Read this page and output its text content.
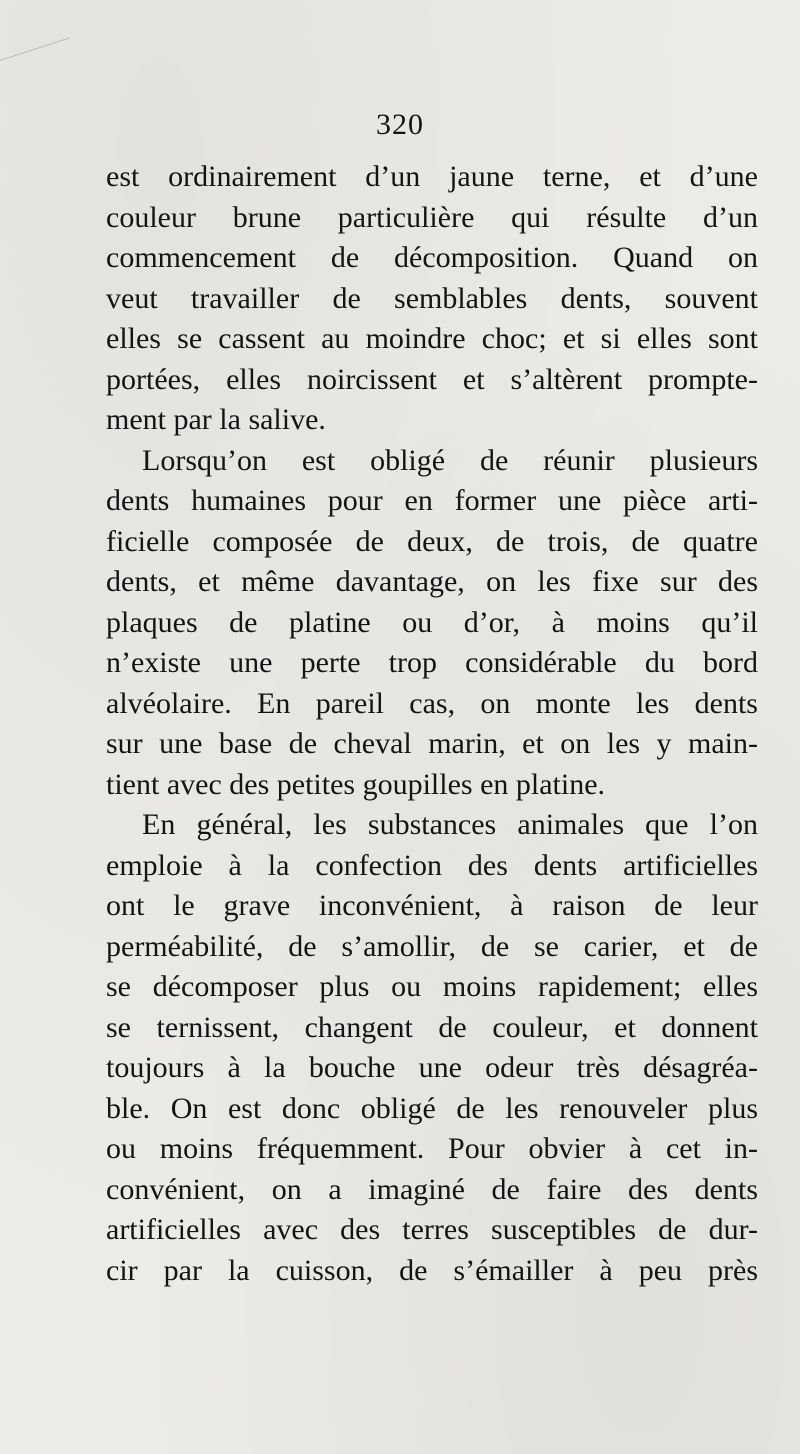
320
est ordinairement d’un jaune terne, et d’une
couleur brune particulière qui résulte d’un
commencement de décomposition. Quand on
veut travailler de semblables dents, souvent
elles se cassent au moindre choc; et si elles sont
portées, elles noircissent et s’altèrent prompte-
ment par la salive.
Lorsqu’on est obligé de réunir plusieurs
dents humaines pour en former une pièce arti-
ficielle composée de deux, de trois, de quatre
dents, et même davantage, on les fixe sur des
plaques de platine ou d’or, à moins qu’il
n’existe une perte trop considérable du bord
alvéolaire. En pareil cas, on monte les dents
sur une base de cheval marin, et on les y main-
tient avec des petites goupilles en platine.
En général, les substances animales que l’on
emploie à la confection des dents artificielles
ont le grave inconvénient, à raison de leur
perméabilité, de s’amollir, de se carier, et de
se décomposer plus ou moins rapidement; elles
se ternissent, changent de couleur, et donnent
toujours à la bouche une odeur très désagréa-
ble. On est donc obligé de les renouveler plus
ou moins fréquemment. Pour obvier à cet in-
convénient, on a imaginé de faire des dents
artificielles avec des terres susceptibles de dur-
cir par la cuisson, de s’émailler à peu près
